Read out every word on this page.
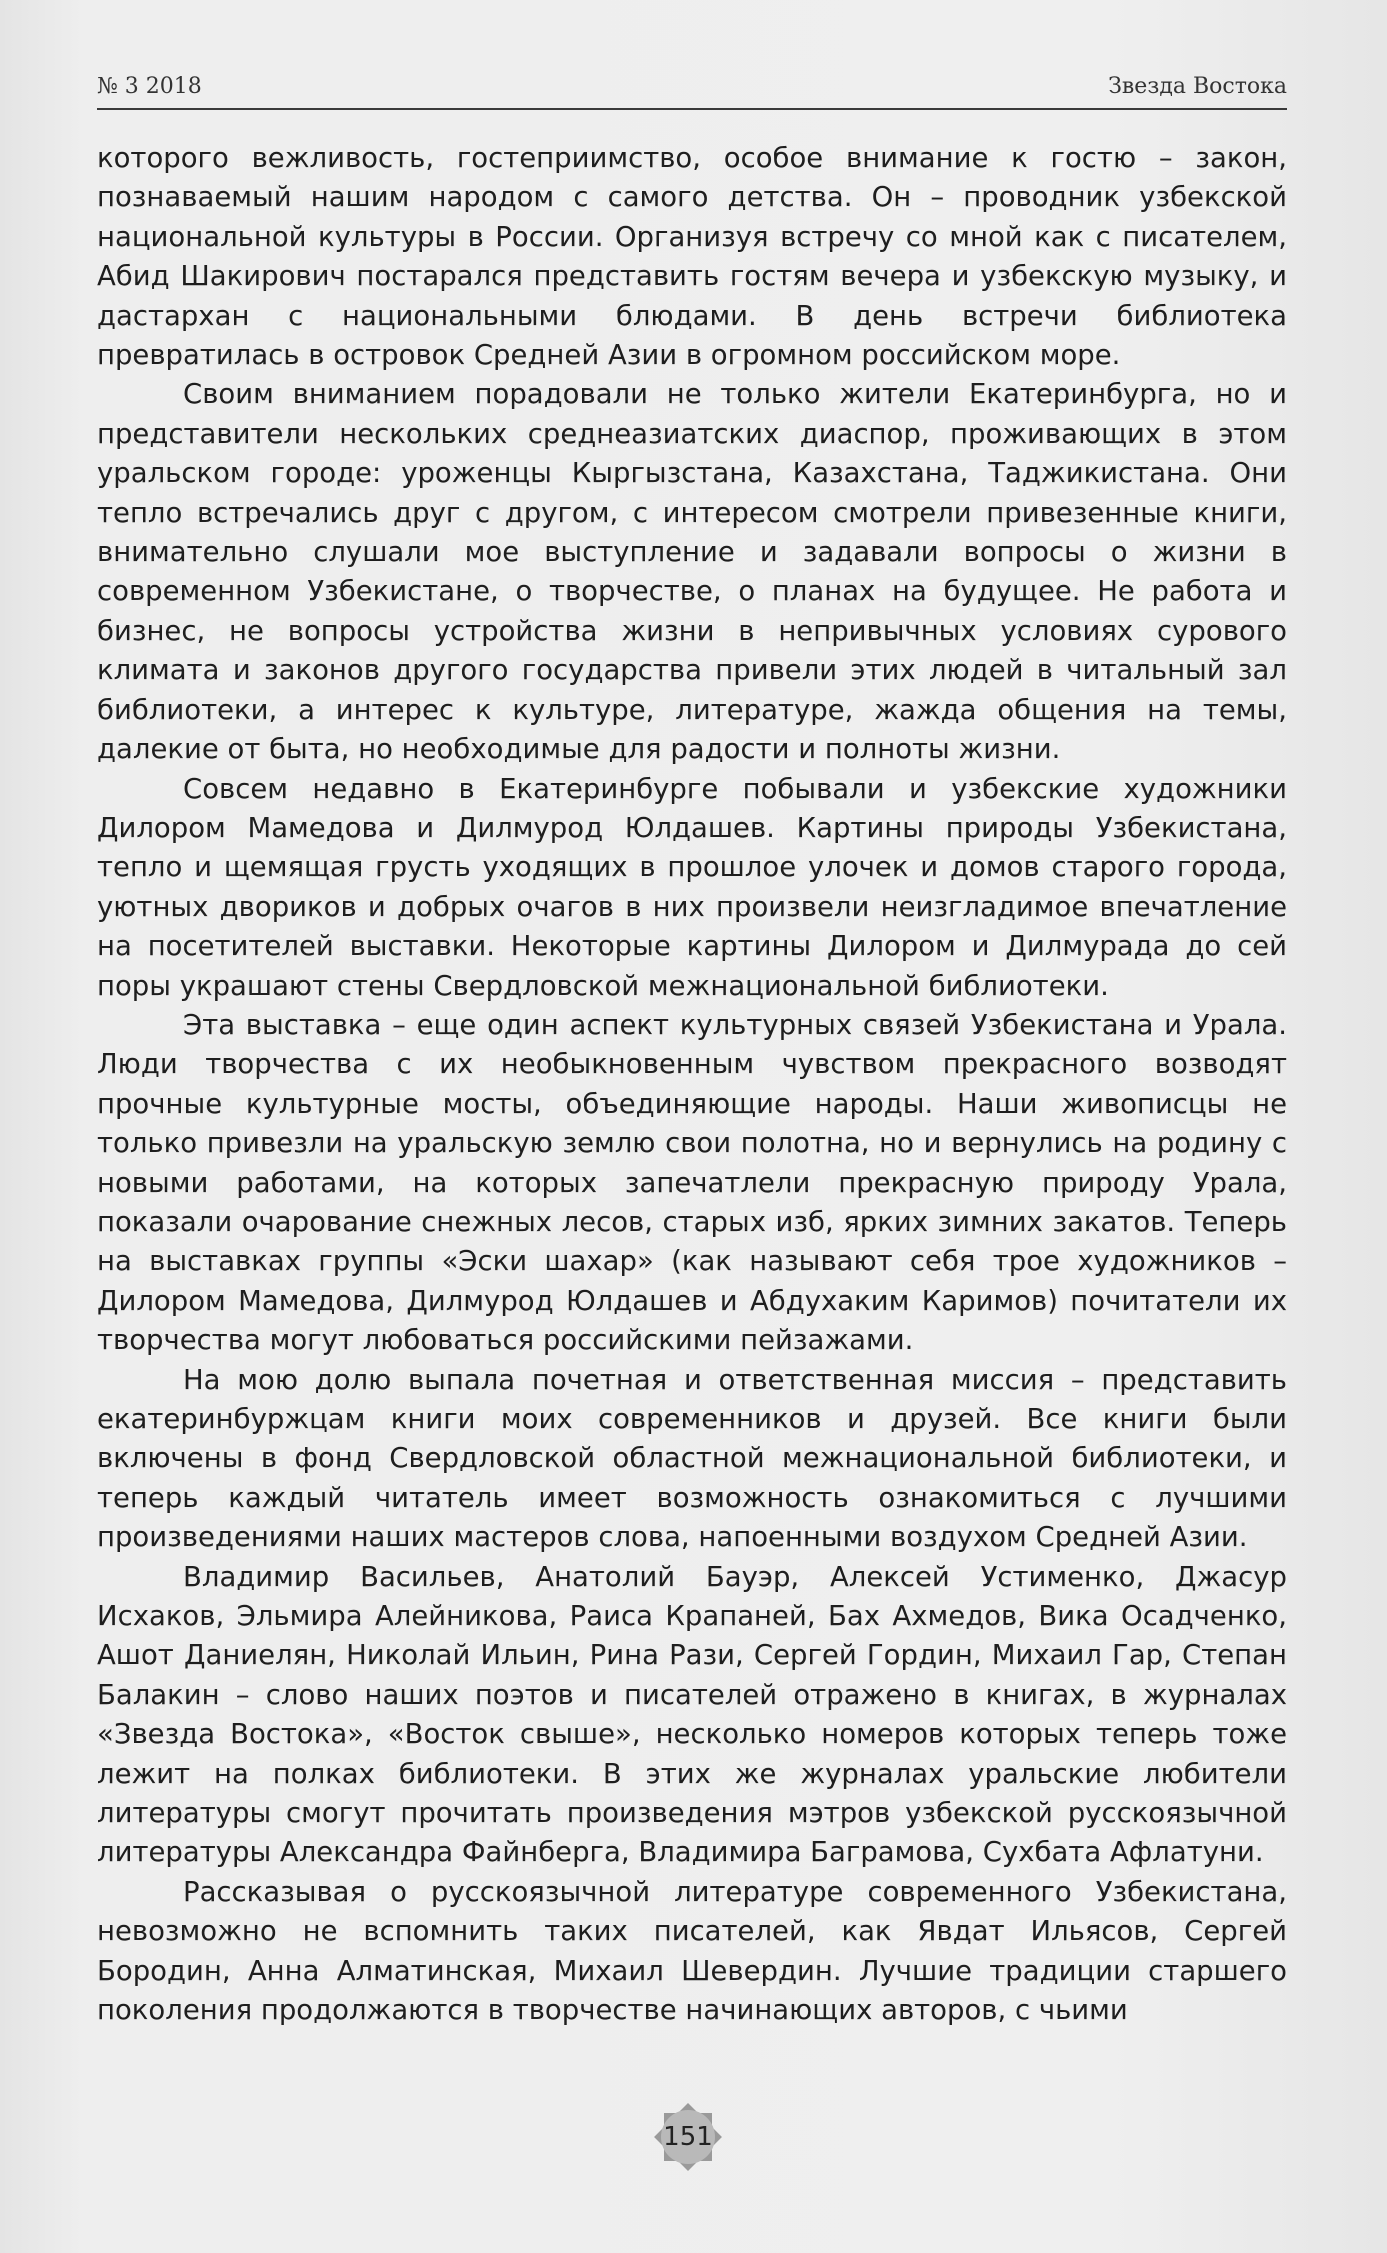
№ 3 2018	Звезда Востока

которого вежливость, гостеприимство, особое внимание к гостю – закон, познаваемый нашим народом с самого детства. Он – проводник узбекской национальной культуры в России. Организуя встречу со мной как с писателем, Абид Шакирович постарался представить гостям вечера и узбекскую музыку, и дастархан с национальными блюдами. В день встречи библиотека превратилась в островок Средней Азии в огромном российском море.

Своим вниманием порадовали не только жители Екатеринбурга, но и представители нескольких среднеазиатских диаспор, проживающих в этом уральском городе: уроженцы Кыргызстана, Казахстана, Таджикистана. Они тепло встречались друг с другом, с интересом смотрели привезенные книги, внимательно слушали мое выступление и задавали вопросы о жизни в современном Узбекистане, о творчестве, о планах на будущее. Не работа и бизнес, не вопросы устройства жизни в непривычных условиях сурового климата и законов другого государства привели этих людей в читальный зал библиотеки, а интерес к культуре, литературе, жажда общения на темы, далекие от быта, но необходимые для радости и полноты жизни.

Совсем недавно в Екатеринбурге побывали и узбекские художники Дилором Мамедова и Дилмурод Юлдашев. Картины природы Узбекистана, тепло и щемящая грусть уходящих в прошлое улочек и домов старого города, уютных двориков и добрых очагов в них произвели неизгладимое впечатление на посетителей выставки. Некоторые картины Дилором и Дилмурада до сей поры украшают стены Свердловской межнациональной библиотеки.

Эта выставка – еще один аспект культурных связей Узбекистана и Урала. Люди творчества с их необыкновенным чувством прекрасного возводят прочные культурные мосты, объединяющие народы. Наши живописцы не только привезли на уральскую землю свои полотна, но и вернулись на родину с новыми работами, на которых запечатлели прекрасную природу Урала, показали очарование снежных лесов, старых изб, ярких зимних закатов. Теперь на выставках группы «Эски шахар» (как называют себя трое художников – Дилором Мамедова, Дилмурод Юлдашев и Абдухаким Каримов) почитатели их творчества могут любоваться российскими пейзажами.

На мою долю выпала почетная и ответственная миссия – представить екатеринбуржцам книги моих современников и друзей. Все книги были включены в фонд Свердловской областной межнациональной библиотеки, и теперь каждый читатель имеет возможность ознакомиться с лучшими произведениями наших мастеров слова, напоенными воздухом Средней Азии.

Владимир Васильев, Анатолий Бауэр, Алексей Устименко, Джасур Исхаков, Эльмира Алейникова, Раиса Крапаней, Бах Ахмедов, Вика Осадченко, Ашот Даниелян, Николай Ильин, Рина Рази, Сергей Гордин, Михаил Гар, Степан Балакин – слово наших поэтов и писателей отражено в книгах, в журналах «Звезда Востока», «Восток свыше», несколько номеров которых теперь тоже лежит на полках библиотеки. В этих же журналах уральские любители литературы смогут прочитать произведения мэтров узбекской русскоязычной литературы Александра Файнберга, Владимира Баграмова, Сухбата Афлатуни.

Рассказывая о русскоязычной литературе современного Узбекистана, невозможно не вспомнить таких писателей, как Явдат Ильясов, Сергей Бородин, Анна Алматинская, Михаил Шевердин. Лучшие традиции старшего поколения продолжаются в творчестве начинающих авторов, с чьими

151
